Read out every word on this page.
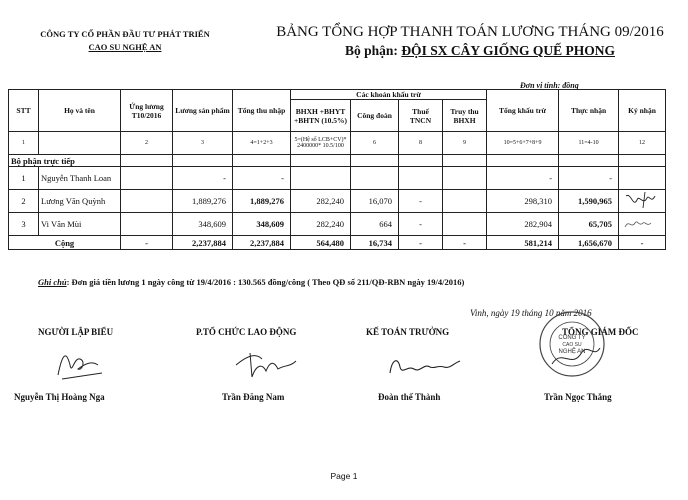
CÔNG TY CỔ PHẦN ĐẦU TƯ PHÁT TRIỂN
CAO SU NGHỆ AN
BẢNG TỔNG HỢP THANH TOÁN LƯƠNG THÁNG 09/2016
Bộ phận: ĐỘI SX CÂY GIỐNG QUẾ PHONG
Đơn vị tính: đồng
STT	Họ và tên	Ứng lương T10/2016	Lương sản phẩm	Tổng thu nhập	Các khoản khấu trừ				Tổng khấu trừ	Thực nhận	Ký nhận
					BHXH +BHYT +BHTN (10.5%)	Công đoàn	Thuế TNCN	Truy thu BHXH			
1		2	3	4=1+2+3	5=(Hệ số LCB+CV)* 2400000* 10.5/100	6	8	9	10=5+6+7+8+9	11=4-10	12
Bộ phận trực tiếp											
1	Nguyễn Thanh Loan		-	-					-	-	
2	Lương Văn Quỳnh		1,889,276	1,889,276	282,240	16,070	-		298,310	1,590,965	
3	Vi Văn Mùi		348,609	348,609	282,240	664	-		282,904	65,705	
Cộng		-	2,237,884	2,237,884	564,480	16,734	-	-	581,214	1,656,670	-
Ghi chú: Đơn giá tiền lương 1 ngày công từ 19/4/2016 : 130.565 đồng/công ( Theo QĐ số 211/QĐ-RBN ngày 19/4/2016)
Vinh, ngày 19 tháng 10 năm 2016
NGƯỜI LẬP BIỂU	P.TỔ CHỨC LAO ĐỘNG	KẾ TOÁN TRƯỞNG	TỔNG GIÁM ĐỐC
CÔNG TY
CAO SU
NGHỆ AN
Nguyễn Thị Hoàng Nga	Trần Đăng Nam	Đoàn thế Thành	Trần Ngọc Thắng
Page 1
